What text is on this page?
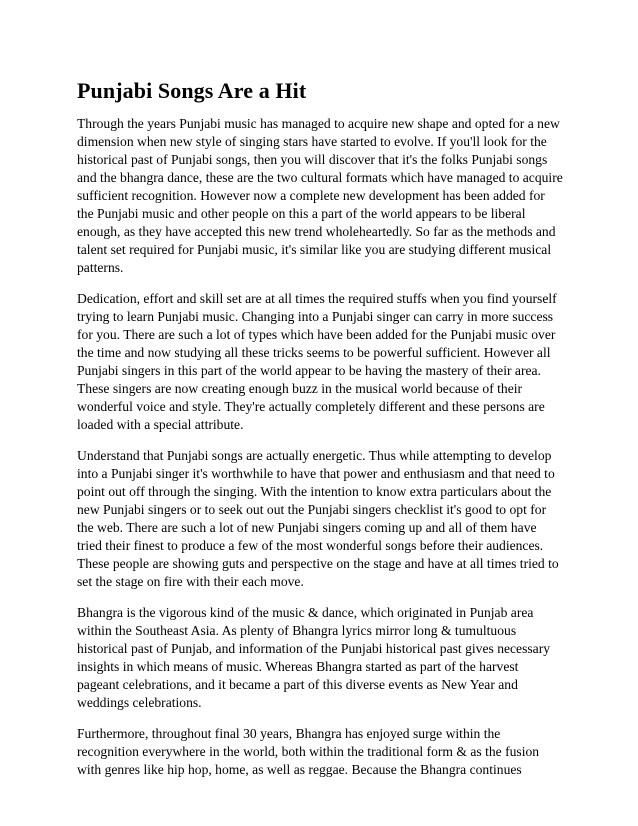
Punjabi Songs Are a Hit

Through the years Punjabi music has managed to acquire new shape and opted for a new dimension when new style of singing stars have started to evolve. If you'll look for the historical past of Punjabi songs, then you will discover that it's the folks Punjabi songs and the bhangra dance, these are the two cultural formats which have managed to acquire sufficient recognition. However now a complete new development has been added for the Punjabi music and other people on this a part of the world appears to be liberal enough, as they have accepted this new trend wholeheartedly. So far as the methods and talent set required for Punjabi music, it's similar like you are studying different musical patterns.

Dedication, effort and skill set are at all times the required stuffs when you find yourself trying to learn Punjabi music. Changing into a Punjabi singer can carry in more success for you. There are such a lot of types which have been added for the Punjabi music over the time and now studying all these tricks seems to be powerful sufficient. However all Punjabi singers in this part of the world appear to be having the mastery of their area. These singers are now creating enough buzz in the musical world because of their wonderful voice and style. They're actually completely different and these persons are loaded with a special attribute.

Understand that Punjabi songs are actually energetic. Thus while attempting to develop into a Punjabi singer it's worthwhile to have that power and enthusiasm and that need to point out off through the singing. With the intention to know extra particulars about the new Punjabi singers or to seek out out the Punjabi singers checklist it's good to opt for the web. There are such a lot of new Punjabi singers coming up and all of them have tried their finest to produce a few of the most wonderful songs before their audiences. These people are showing guts and perspective on the stage and have at all times tried to set the stage on fire with their each move.

Bhangra is the vigorous kind of the music & dance, which originated in Punjab area within the Southeast Asia. As plenty of Bhangra lyrics mirror long & tumultuous historical past of Punjab, and information of the Punjabi historical past gives necessary insights in which means of music. Whereas Bhangra started as part of the harvest pageant celebrations, and it became a part of this diverse events as New Year and weddings celebrations.

Furthermore, throughout final 30 years, Bhangra has enjoyed surge within the recognition everywhere in the world, both within the traditional form & as the fusion with genres like hip hop, home, as well as reggae. Because the Bhangra continues
